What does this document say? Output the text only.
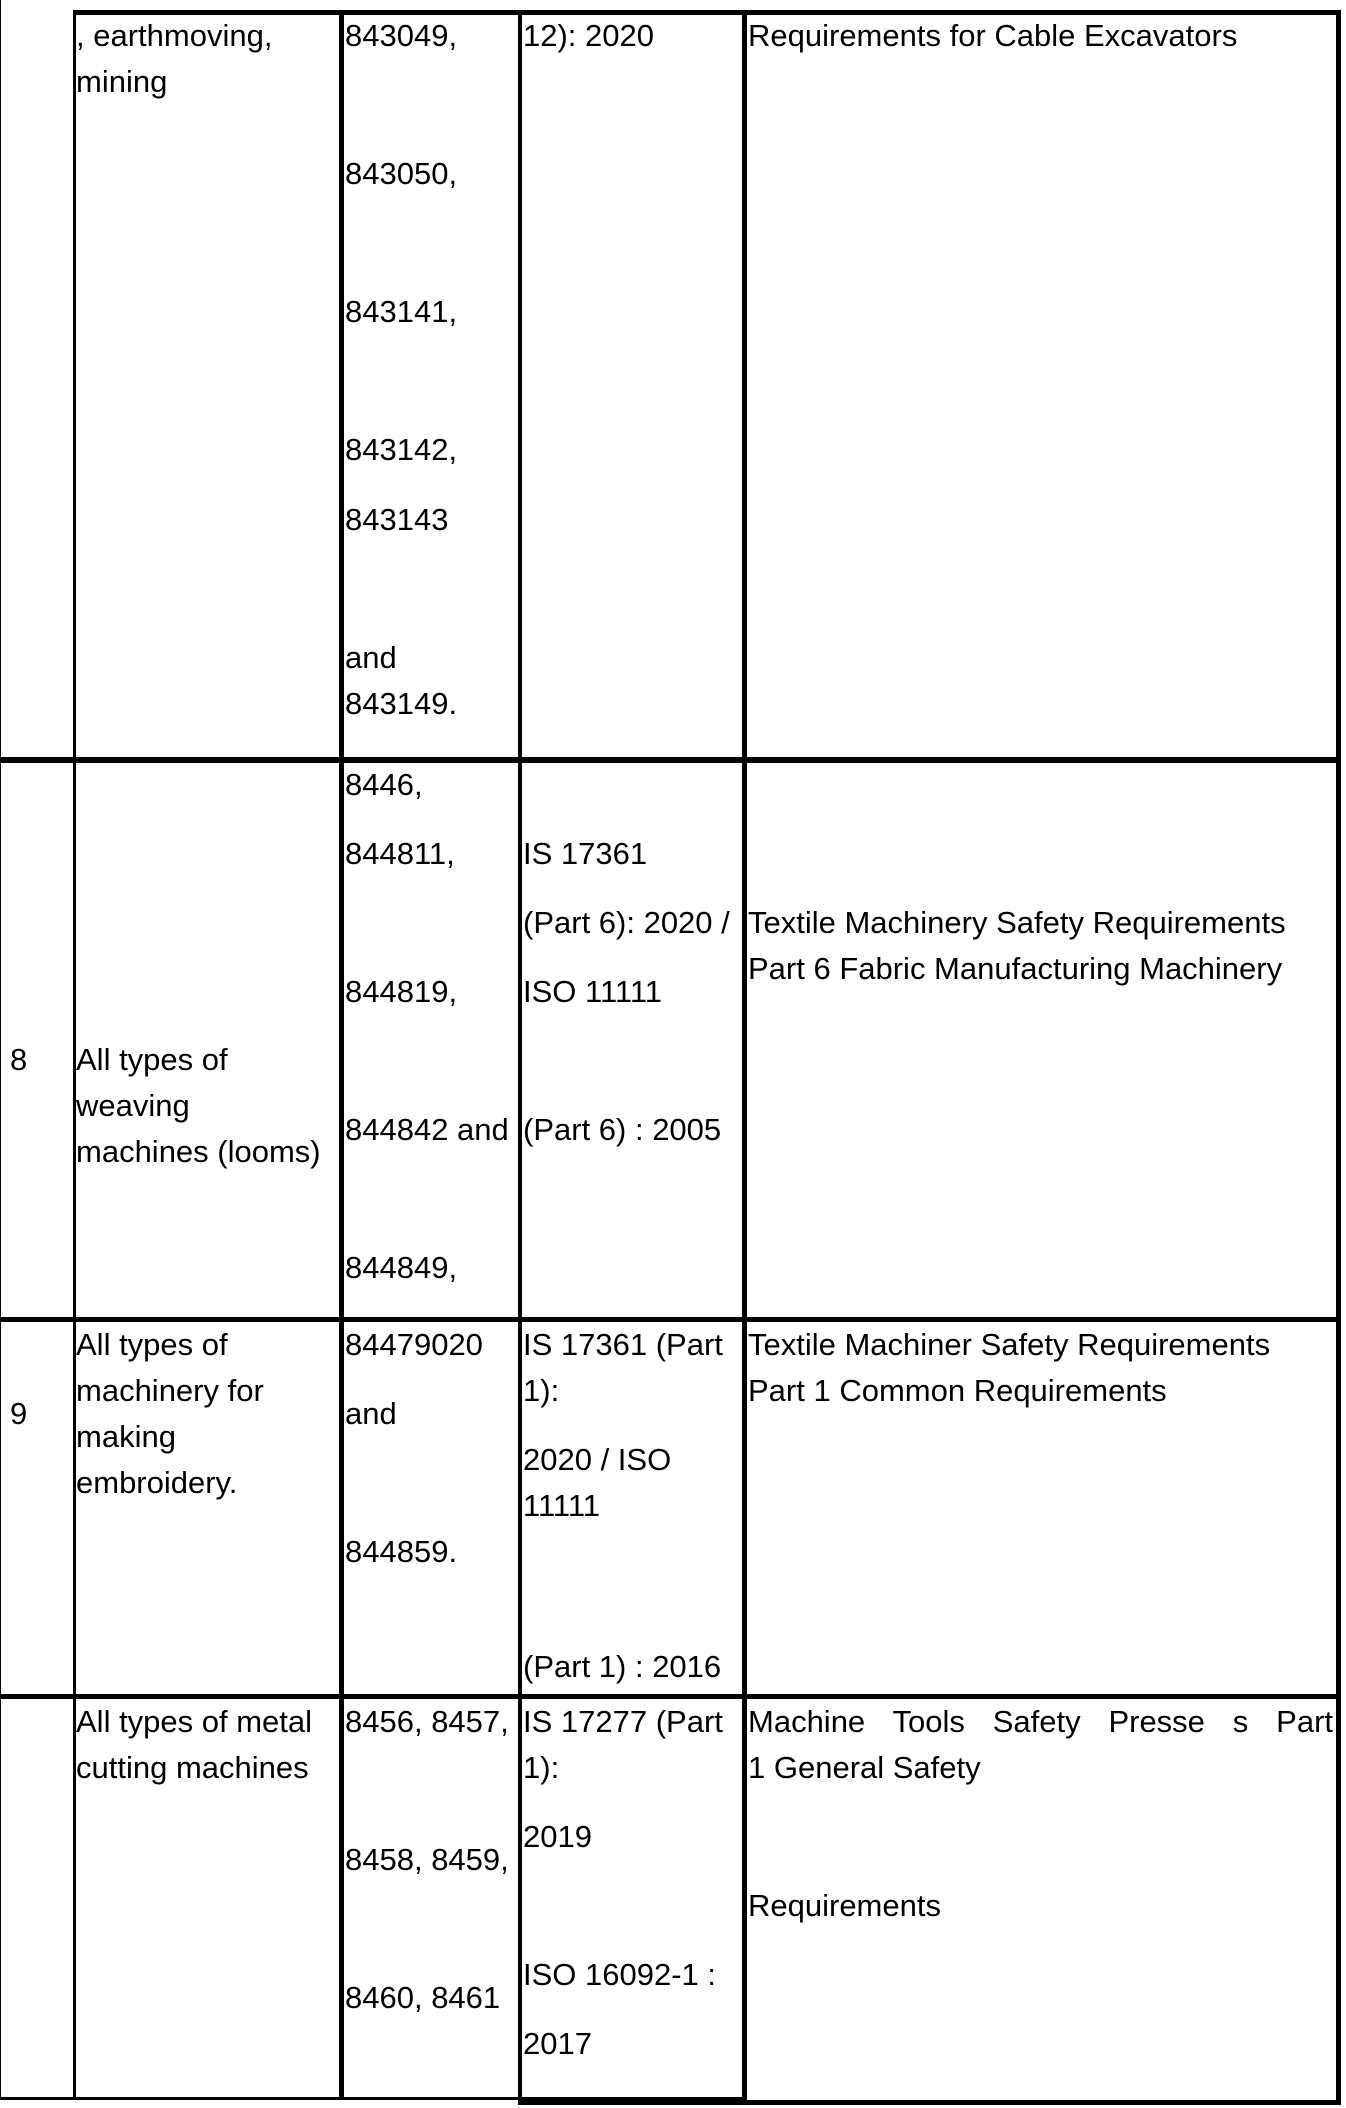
, earthmoving,
mining
843049,
843050,
843141,
843142,
843143
and
843149.
12): 2020	Requirements for Cable Excavators
8 All types of
weaving
machines (looms)
8446,
844811,
844819,
844842 and
844849,
IS 17361
(Part 6): 2020 /
ISO 11111
(Part 6) : 2005
Textile Machinery Safety Requirements
Part 6 Fabric Manufacturing Machinery
9
All types of
machinery for
making
embroidery.
84479020
and
844859.
IS 17361 (Part
1):
2020 / ISO
11111
(Part 1) : 2016
Textile Machiner Safety Requirements
Part 1 Common Requirements
All types of metal
cutting machines
8456, 8457,
8458, 8459,
8460, 8461
IS 17277 (Part
1):
2019
ISO 16092-1 :
2017
Machine Tools Safety Presse s Part
1 General Safety
Requirements
